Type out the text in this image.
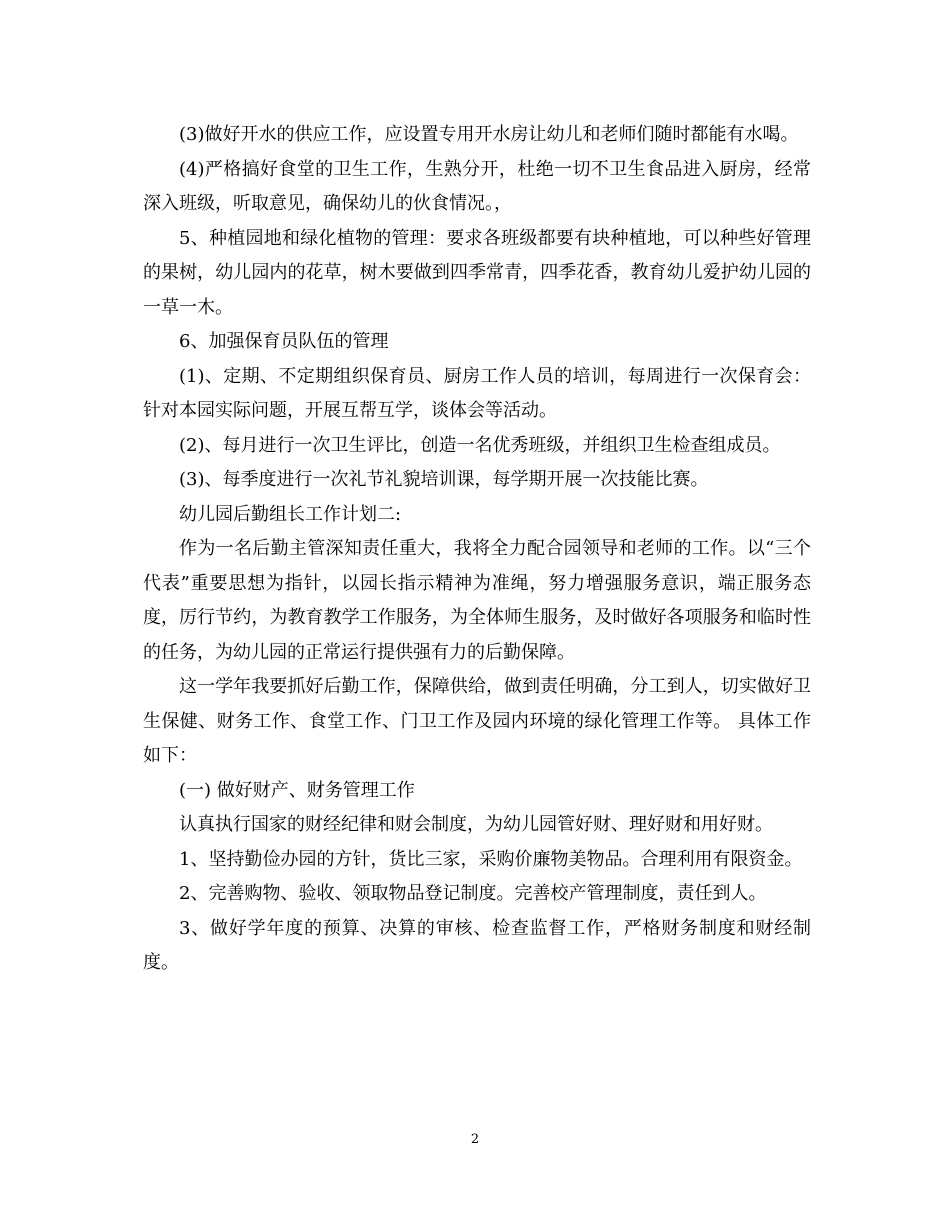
(3)做好开水的供应工作，应设置专用开水房让幼儿和老师们随时都能有水喝。

(4)严格搞好食堂的卫生工作，生熟分开，杜绝一切不卫生食品进入厨房，经常深入班级，听取意见，确保幼儿的伙食情况。，

5、种植园地和绿化植物的管理：要求各班级都要有块种植地，可以种些好管理的果树，幼儿园内的花草，树木要做到四季常青，四季花香，教育幼儿爱护幼儿园的一草一木。

6、加强保育员队伍的管理

(1)、定期、不定期组织保育员、厨房工作人员的培训，每周进行一次保育会：针对本园实际问题，开展互帮互学，谈体会等活动。

(2)、每月进行一次卫生评比，创造一名优秀班级，并组织卫生检查组成员。

(3)、每季度进行一次礼节礼貌培训课，每学期开展一次技能比赛。

幼儿园后勤组长工作计划二:

作为一名后勤主管深知责任重大，我将全力配合园领导和老师的工作。以“三个代表”重要思想为指针，以园长指示精神为准绳，努力增强服务意识，端正服务态度，厉行节约，为教育教学工作服务，为全体师生服务，及时做好各项服务和临时性的任务，为幼儿园的正常运行提供强有力的后勤保障。

这一学年我要抓好后勤工作，保障供给，做到责任明确，分工到人，切实做好卫生保健、财务工作、食堂工作、门卫工作及园内环境的绿化管理工作等。 具体工作如下：

(一) 做好财产、财务管理工作

认真执行国家的财经纪律和财会制度，为幼儿园管好财、理好财和用好财。

1、坚持勤俭办园的方针，货比三家，采购价廉物美物品。合理利用有限资金。

2、完善购物、验收、领取物品登记制度。完善校产管理制度，责任到人。

3、做好学年度的预算、决算的审核、检查监督工作，严格财务制度和财经制度。

2
